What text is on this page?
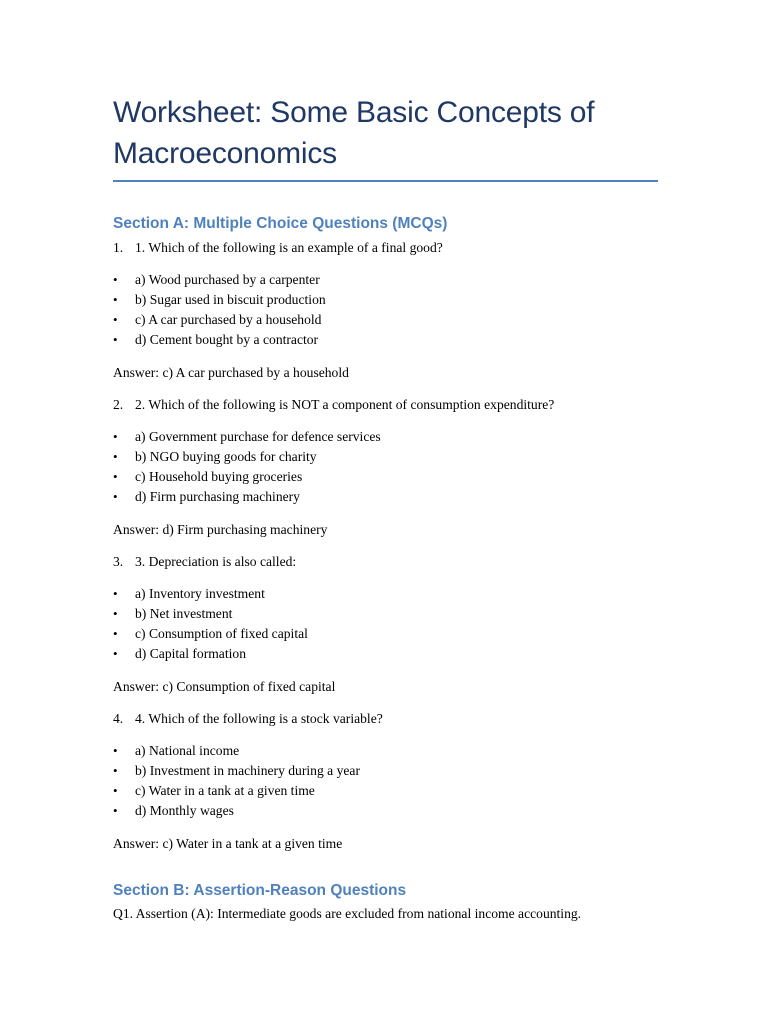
Worksheet: Some Basic Concepts of Macroeconomics
Section A: Multiple Choice Questions (MCQs)
1. 1. Which of the following is an example of a final good?
•	a) Wood purchased by a carpenter
•	b) Sugar used in biscuit production
•	c) A car purchased by a household
•	d) Cement bought by a contractor
Answer: c) A car purchased by a household
2. 2. Which of the following is NOT a component of consumption expenditure?
•	a) Government purchase for defence services
•	b) NGO buying goods for charity
•	c) Household buying groceries
•	d) Firm purchasing machinery
Answer: d) Firm purchasing machinery
3. 3. Depreciation is also called:
•	a) Inventory investment
•	b) Net investment
•	c) Consumption of fixed capital
•	d) Capital formation
Answer: c) Consumption of fixed capital
4. 4. Which of the following is a stock variable?
•	a) National income
•	b) Investment in machinery during a year
•	c) Water in a tank at a given time
•	d) Monthly wages
Answer: c) Water in a tank at a given time
Section B: Assertion-Reason Questions
Q1. Assertion (A): Intermediate goods are excluded from national income accounting.
